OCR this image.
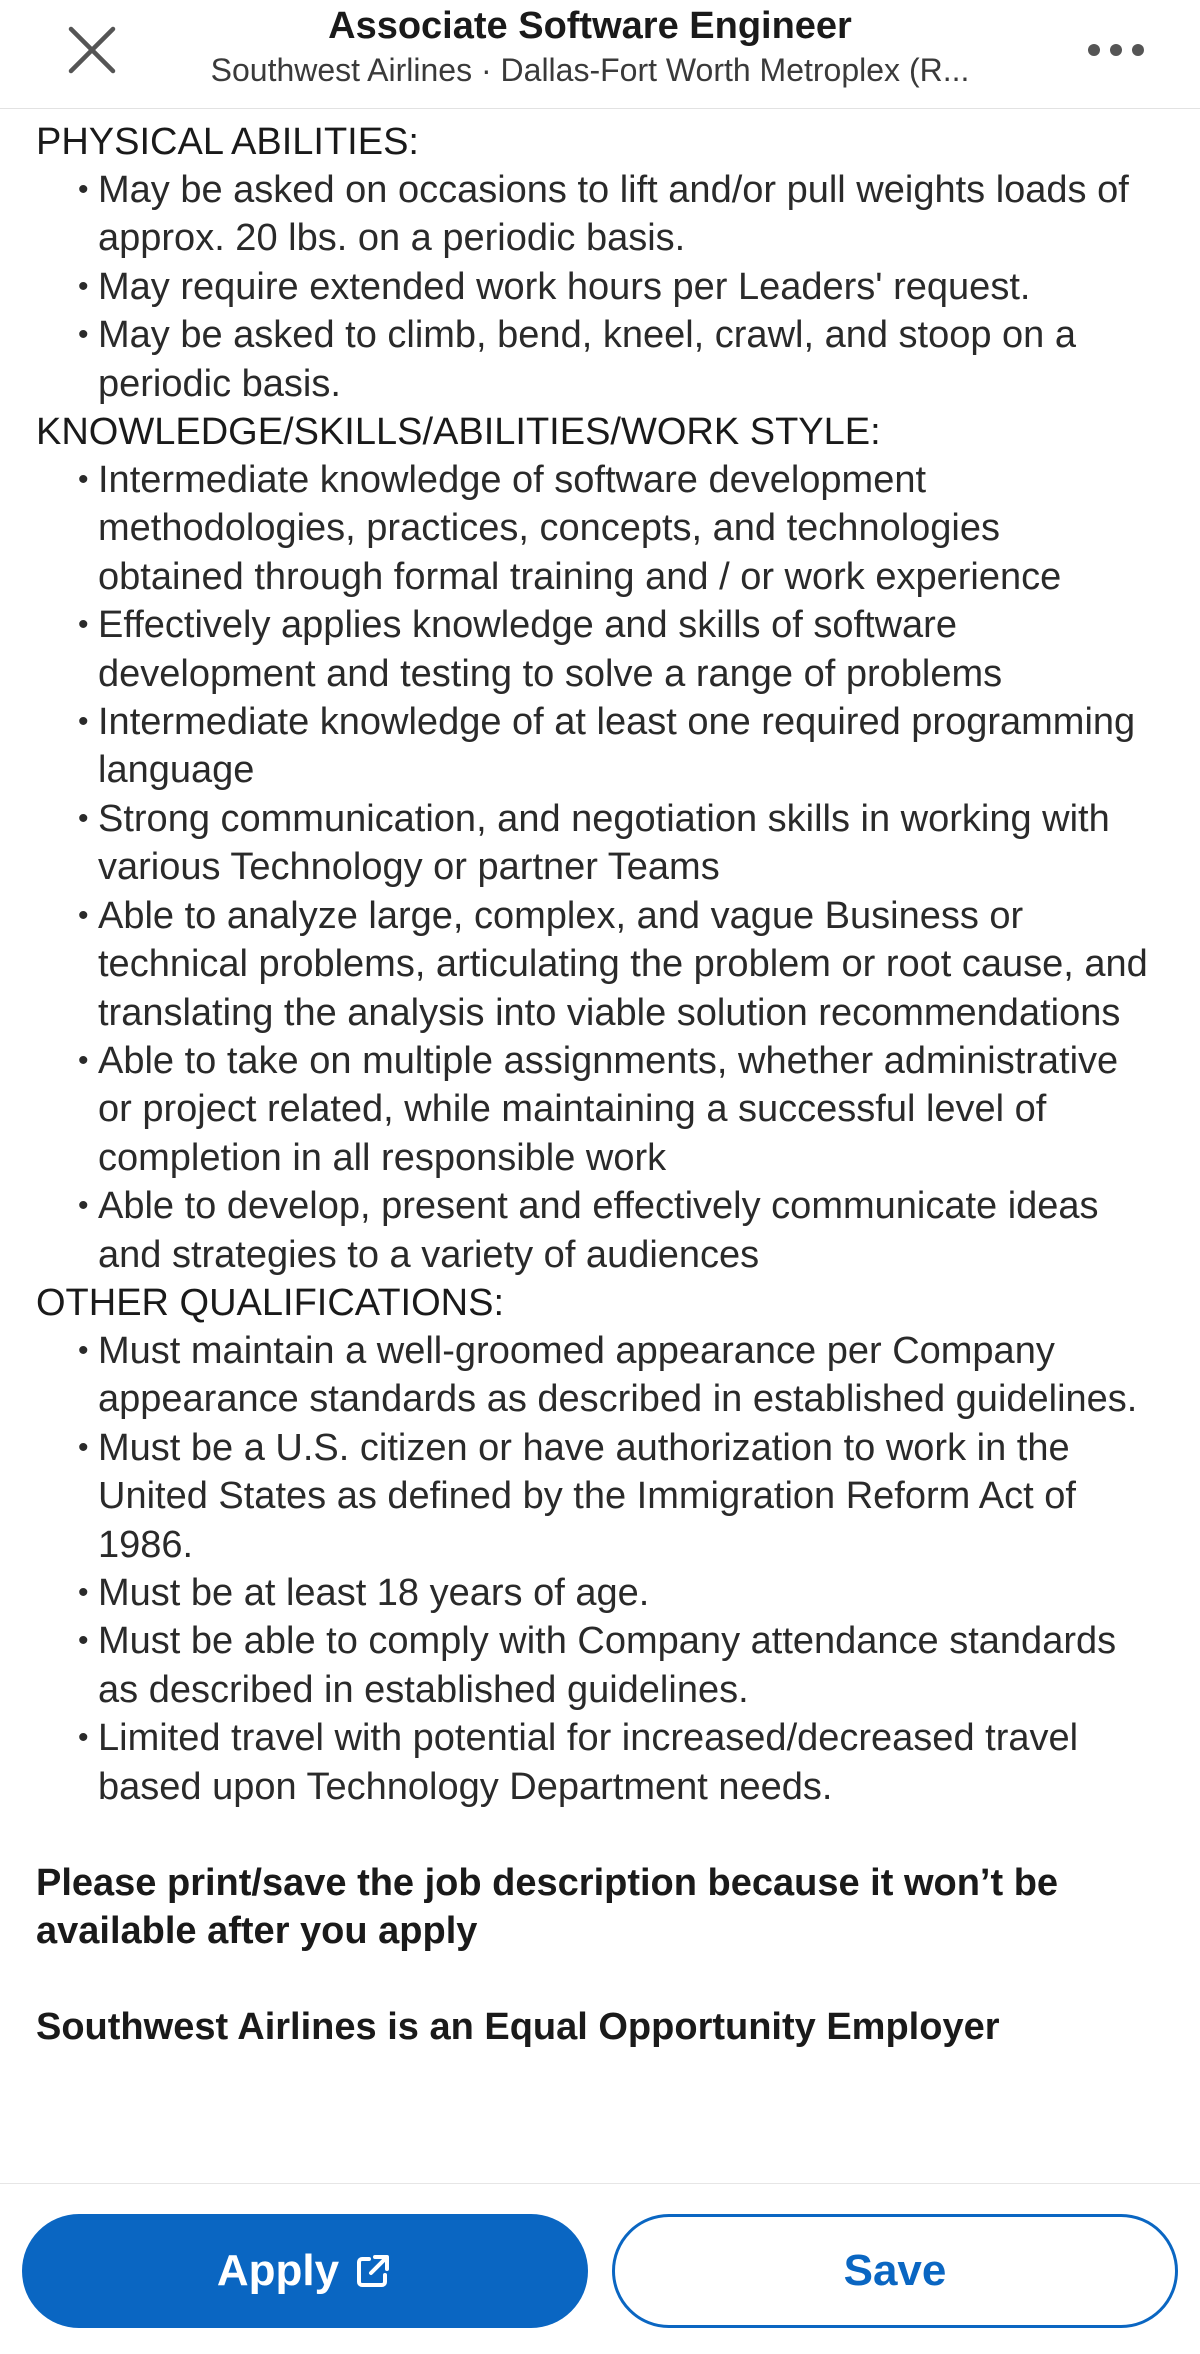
Associate Software Engineer
Southwest Airlines · Dallas-Fort Worth Metroplex (R...
PHYSICAL ABILITIES:
• May be asked on occasions to lift and/or pull weights loads of approx. 20 lbs. on a periodic basis.
• May require extended work hours per Leaders' request.
• May be asked to climb, bend, kneel, crawl, and stoop on a periodic basis.
KNOWLEDGE/SKILLS/ABILITIES/WORK STYLE:
• Intermediate knowledge of software development methodologies, practices, concepts, and technologies obtained through formal training and / or work experience
• Effectively applies knowledge and skills of software development and testing to solve a range of problems
• Intermediate knowledge of at least one required programming language
• Strong communication, and negotiation skills in working with various Technology or partner Teams
• Able to analyze large, complex, and vague Business or technical problems, articulating the problem or root cause, and translating the analysis into viable solution recommendations
• Able to take on multiple assignments, whether administrative or project related, while maintaining a successful level of completion in all responsible work
• Able to develop, present and effectively communicate ideas and strategies to a variety of audiences
OTHER QUALIFICATIONS:
• Must maintain a well-groomed appearance per Company appearance standards as described in established guidelines.
• Must be a U.S. citizen or have authorization to work in the United States as defined by the Immigration Reform Act of 1986.
• Must be at least 18 years of age.
• Must be able to comply with Company attendance standards as described in established guidelines.
• Limited travel with potential for increased/decreased travel based upon Technology Department needs.
Please print/save the job description because it won’t be available after you apply
Southwest Airlines is an Equal Opportunity Employer
Apply	Save
